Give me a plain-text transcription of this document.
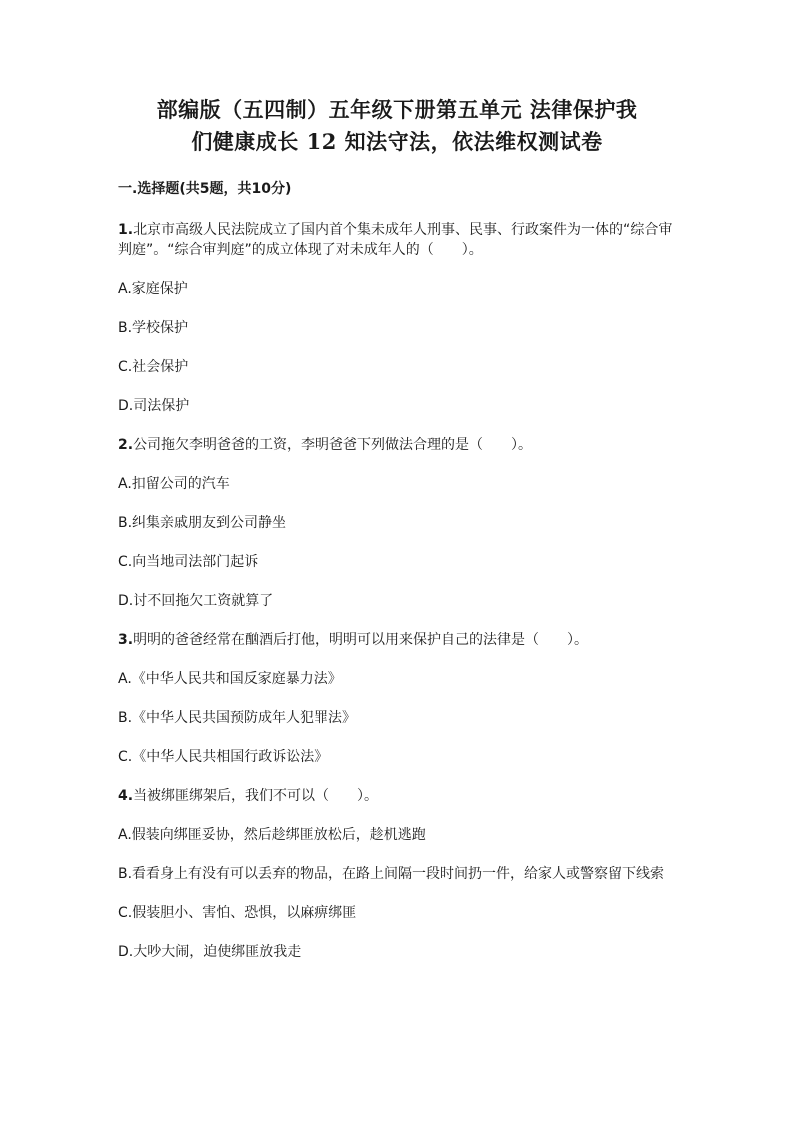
部编版（五四制）五年级下册第五单元 法律保护我
们健康成长 12 知法守法，依法维权测试卷
一.选择题(共5题，共10分)
1.北京市高级人民法院成立了国内首个集未成年人刑事、民事、行政案件为一体的“综合审判庭”。“综合审判庭”的成立体现了对未成年人的（　　）。
A.家庭保护
B.学校保护
C.社会保护
D.司法保护
2.公司拖欠李明爸爸的工资，李明爸爸下列做法合理的是（　　）。
A.扣留公司的汽车
B.纠集亲戚朋友到公司静坐
C.向当地司法部门起诉
D.讨不回拖欠工资就算了
3.明明的爸爸经常在酗酒后打他，明明可以用来保护自己的法律是（　　）。
A.《中华人民共和国反家庭暴力法》
B.《中华人民共国预防成年人犯罪法》
C.《中华人民共相国行政诉讼法》
4.当被绑匪绑架后，我们不可以（　　）。
A.假装向绑匪妥协，然后趁绑匪放松后，趁机逃跑
B.看看身上有没有可以丢弃的物品，在路上间隔一段时间扔一件，给家人或警察留下线索
C.假装胆小、害怕、恐惧，以麻痹绑匪
D.大吵大闹，迫使绑匪放我走
